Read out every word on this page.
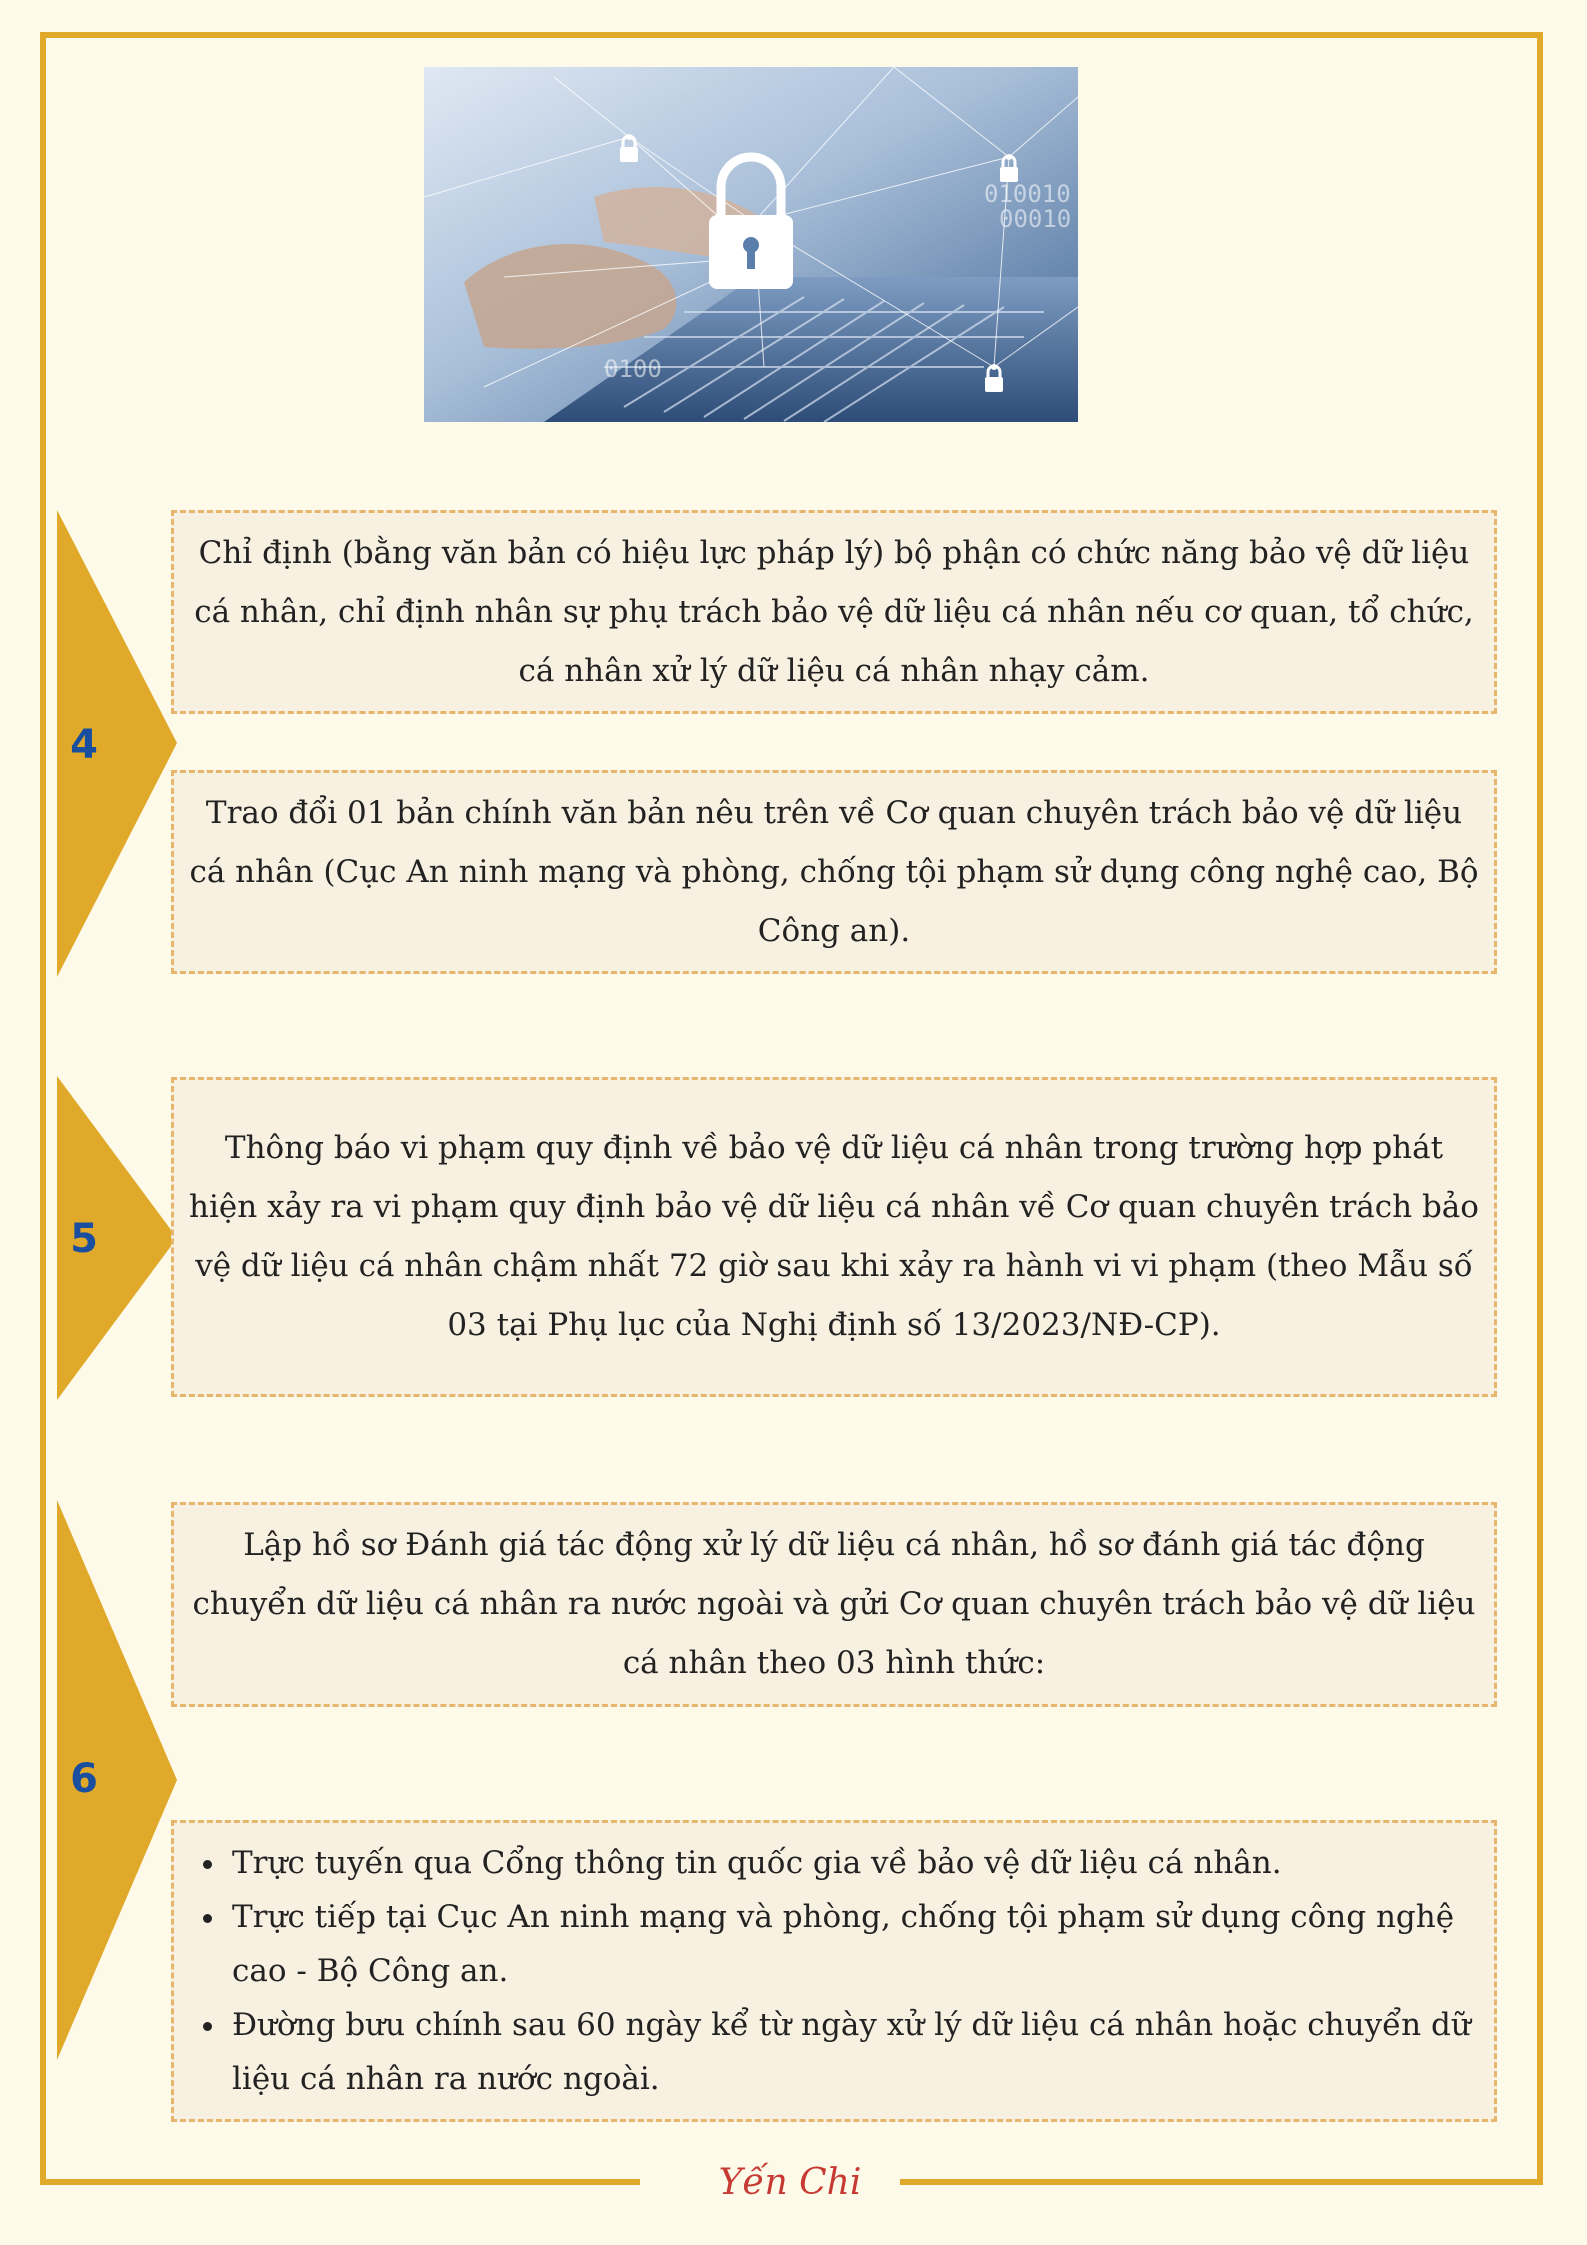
010010
00010
0100
4

Chỉ định (bằng văn bản có hiệu lực pháp lý) bộ phận có chức năng bảo vệ dữ liệu cá nhân, chỉ định nhân sự phụ trách bảo vệ dữ liệu cá nhân nếu cơ quan, tổ chức, cá nhân xử lý dữ liệu cá nhân nhạy cảm.

Trao đổi 01 bản chính văn bản nêu trên về Cơ quan chuyên trách bảo vệ dữ liệu cá nhân (Cục An ninh mạng và phòng, chống tội phạm sử dụng công nghệ cao, Bộ Công an).

5

Thông báo vi phạm quy định về bảo vệ dữ liệu cá nhân trong trường hợp phát hiện xảy ra vi phạm quy định bảo vệ dữ liệu cá nhân về Cơ quan chuyên trách bảo vệ dữ liệu cá nhân chậm nhất 72 giờ sau khi xảy ra hành vi vi phạm (theo Mẫu số 03 tại Phụ lục của Nghị định số 13/2023/NĐ-CP).

6

Lập hồ sơ Đánh giá tác động xử lý dữ liệu cá nhân, hồ sơ đánh giá tác động chuyển dữ liệu cá nhân ra nước ngoài và gửi Cơ quan chuyên trách bảo vệ dữ liệu cá nhân theo 03 hình thức:

• Trực tuyến qua Cổng thông tin quốc gia về bảo vệ dữ liệu cá nhân.
• Trực tiếp tại Cục An ninh mạng và phòng, chống tội phạm sử dụng công nghệ cao - Bộ Công an.
• Đường bưu chính sau 60 ngày kể từ ngày xử lý dữ liệu cá nhân hoặc chuyển dữ liệu cá nhân ra nước ngoài.
Yến Chi
